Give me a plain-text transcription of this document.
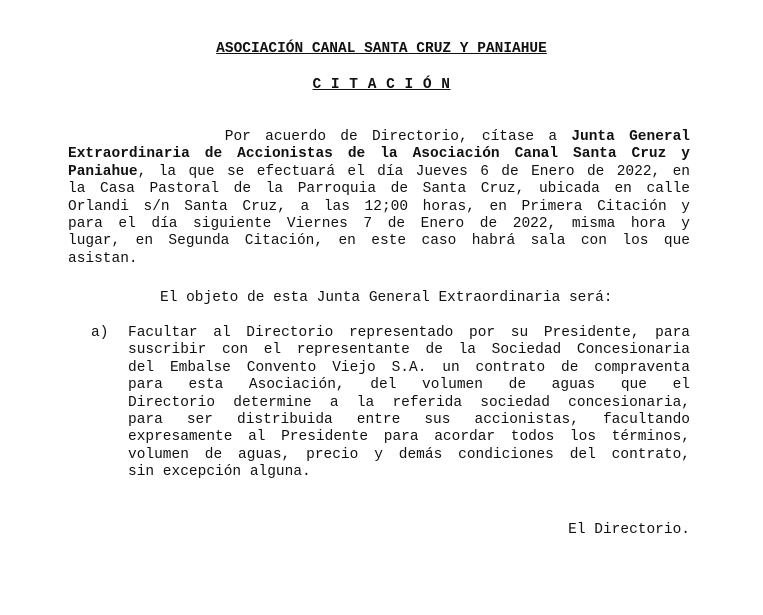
ASOCIACIÓN CANAL SANTA CRUZ Y PANIAHUE
C I T A C I Ó N
Por acuerdo de Directorio, cítase a Junta General
Extraordinaria de Accionistas de la Asociación Canal Santa Cruz y
Paniahue, la que se efectuará el día Jueves 6 de Enero de 2022, en
la Casa Pastoral de la Parroquia de Santa Cruz, ubicada en calle
Orlandi s/n Santa Cruz, a las 12;00 horas, en Primera Citación y
para el día siguiente Viernes 7 de Enero de 2022, misma hora y
lugar, en Segunda Citación, en este caso habrá sala con los que
asistan.
El objeto de esta Junta General Extraordinaria será:
a) Facultar al Directorio representado por su Presidente, para
suscribir con el representante de la Sociedad Concesionaria
del Embalse Convento Viejo S.A. un contrato de compraventa
para esta Asociación, del volumen de aguas que el
Directorio determine a la referida sociedad concesionaria,
para ser distribuida entre sus accionistas, facultando
expresamente al Presidente para acordar todos los términos,
volumen de aguas, precio y demás condiciones del contrato,
sin excepción alguna.
El Directorio.
